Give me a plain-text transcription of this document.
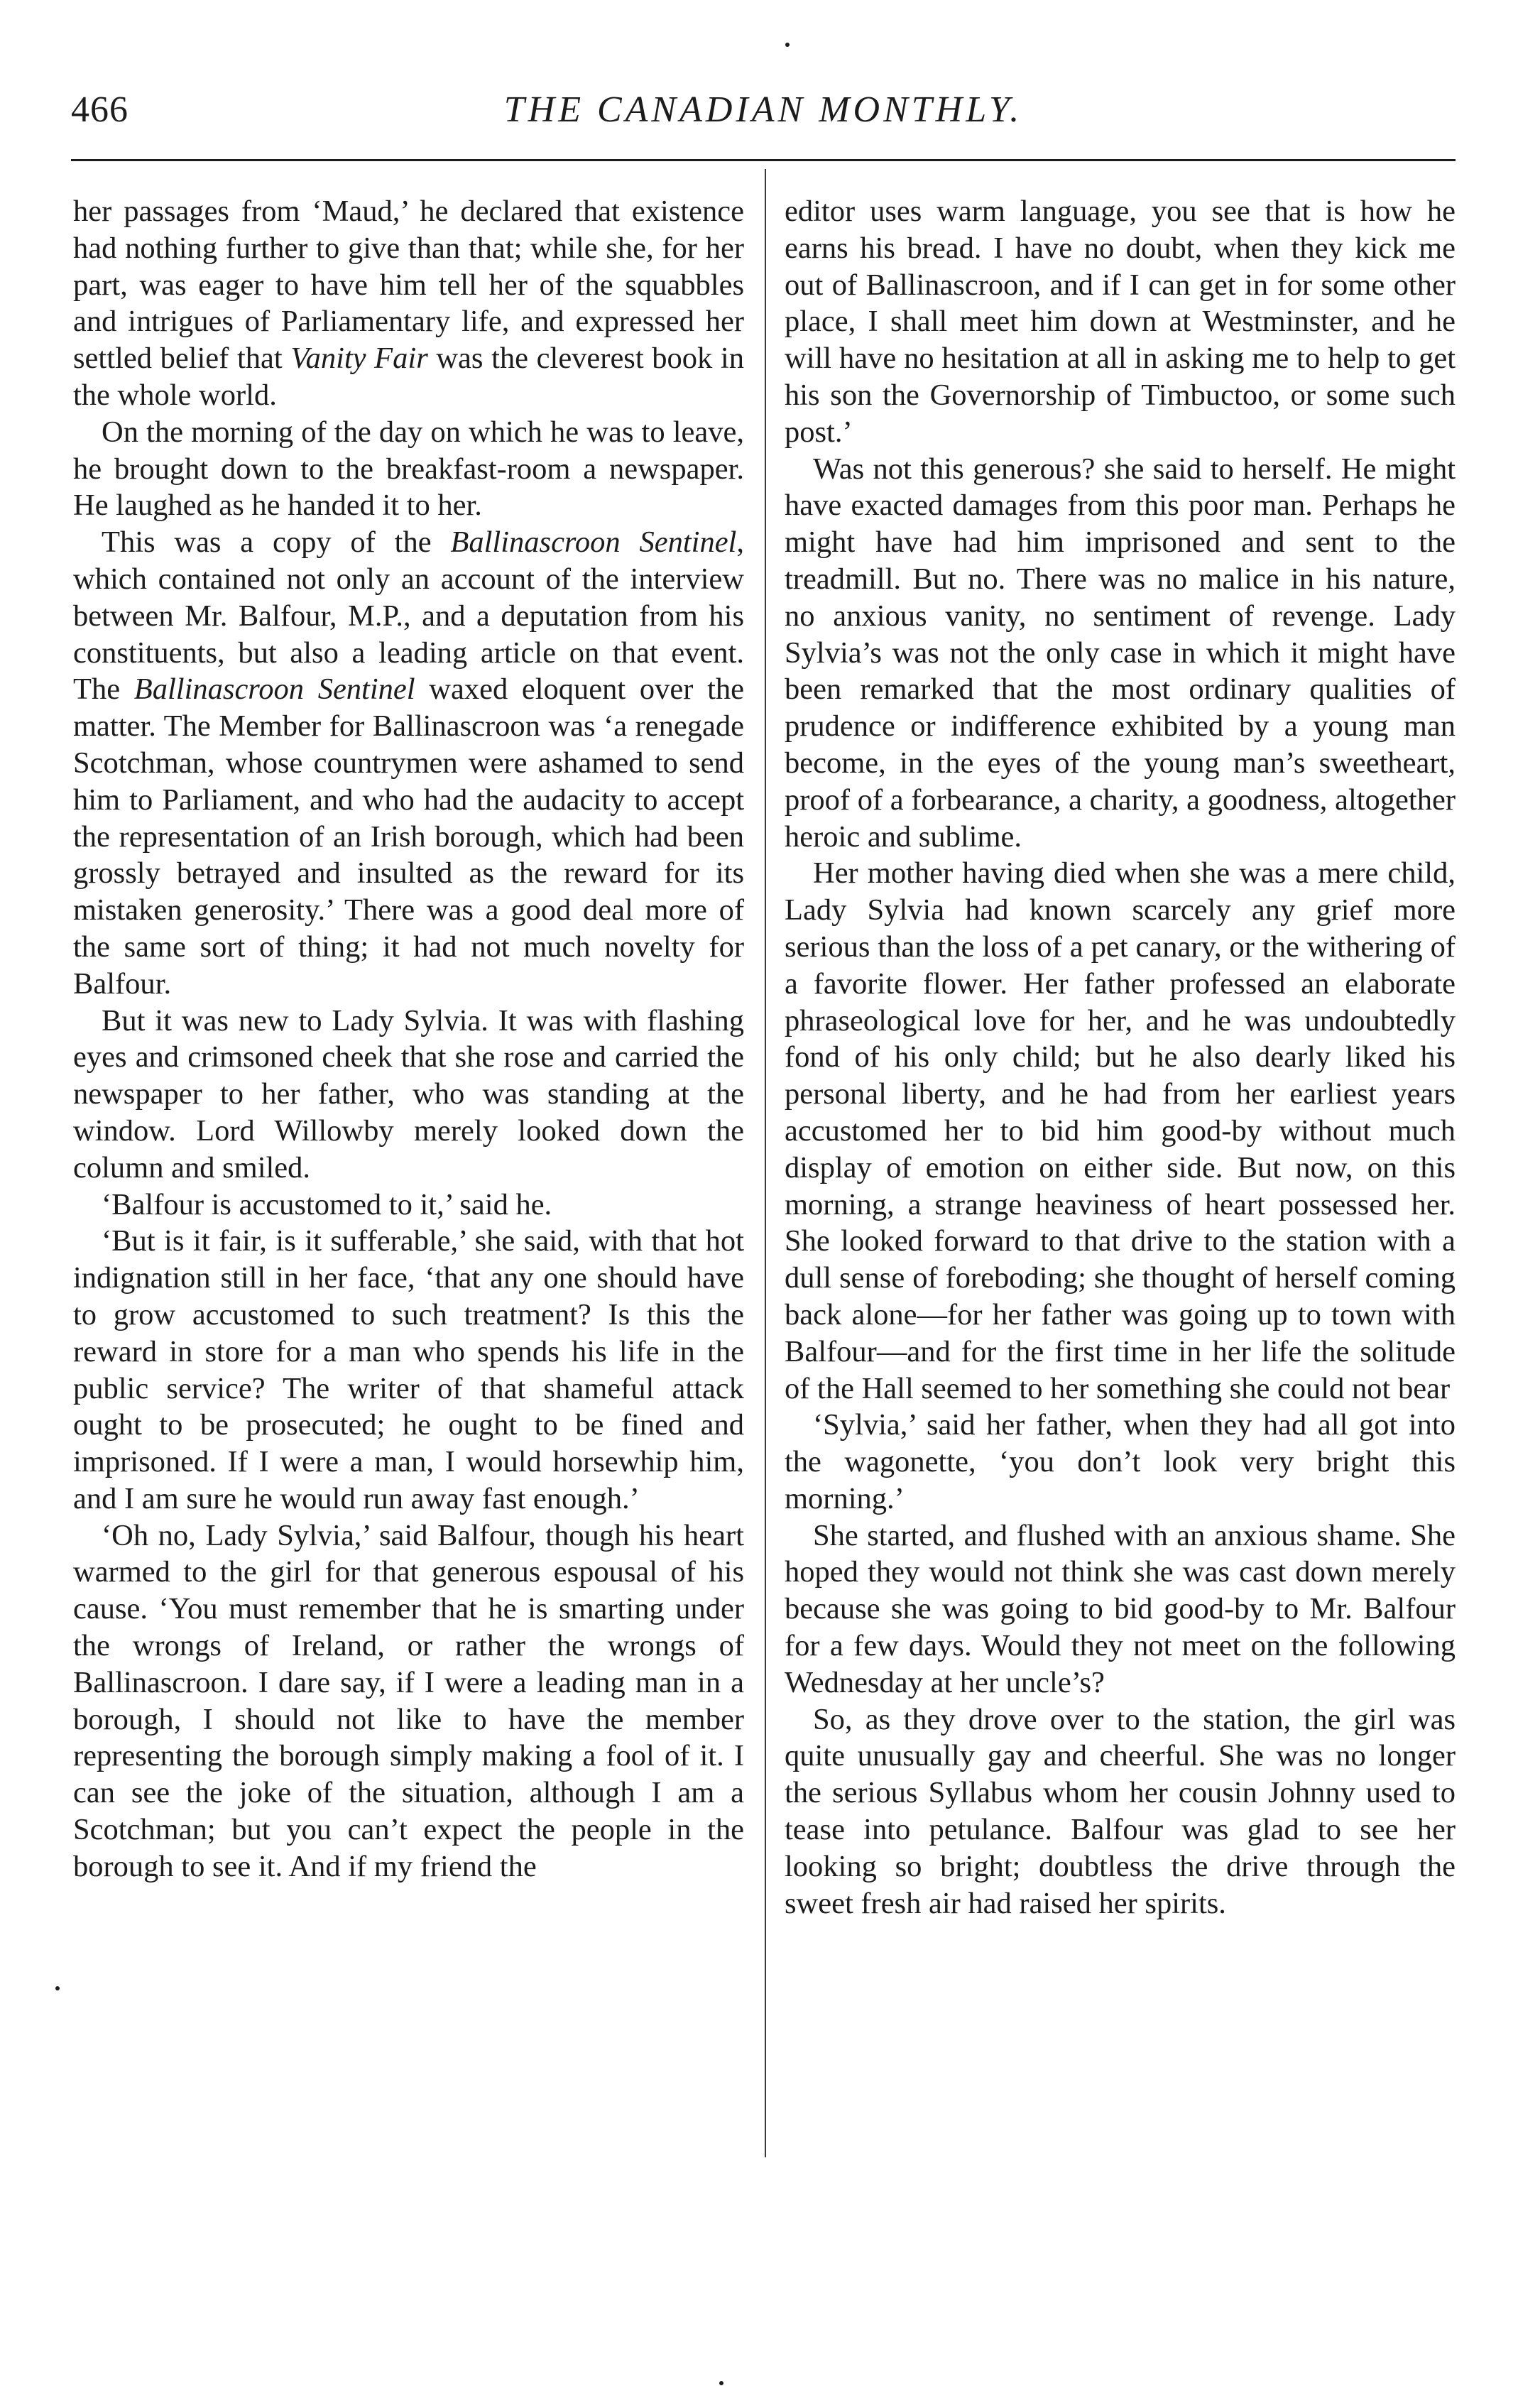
466	THE CANADIAN MONTHLY.

her passages from ‘Maud,’ he declared that existence had nothing further to give than that; while she, for her part, was eager to have him tell her of the squabbles and intrigues of Parliamentary life, and expressed her settled belief that Vanity Fair was the cleverest book in the whole world.

On the morning of the day on which he was to leave, he brought down to the breakfast-room a newspaper. He laughed as he handed it to her.

This was a copy of the Ballinascroon Sentinel, which contained not only an account of the interview between Mr. Balfour, M.P., and a deputation from his constituents, but also a leading article on that event. The Ballinascroon Sentinel waxed eloquent over the matter. The Member for Ballinascroon was ‘a renegade Scotchman, whose countrymen were ashamed to send him to Parliament, and who had the audacity to accept the representation of an Irish borough, which had been grossly betrayed and insulted as the reward for its mistaken generosity.’ There was a good deal more of the same sort of thing; it had not much novelty for Balfour.

But it was new to Lady Sylvia. It was with flashing eyes and crimsoned cheek that she rose and carried the newspaper to her father, who was standing at the window. Lord Willowby merely looked down the column and smiled.

‘Balfour is accustomed to it,’ said he.

‘But is it fair, is it sufferable,’ she said, with that hot indignation still in her face, ‘that any one should have to grow accustomed to such treatment? Is this the reward in store for a man who spends his life in the public service? The writer of that shameful attack ought to be prosecuted; he ought to be fined and imprisoned. If I were a man, I would horsewhip him, and I am sure he would run away fast enough.’

‘Oh no, Lady Sylvia,’ said Balfour, though his heart warmed to the girl for that generous espousal of his cause. ‘You must remember that he is smarting under the wrongs of Ireland, or rather the wrongs of Ballinascroon. I dare say, if I were a leading man in a borough, I should not like to have the member representing the borough simply making a fool of it. I can see the joke of the situation, although I am a Scotchman; but you can’t expect the people in the borough to see it. And if my friend the

editor uses warm language, you see that is how he earns his bread. I have no doubt, when they kick me out of Ballinascroon, and if I can get in for some other place, I shall meet him down at Westminster, and he will have no hesitation at all in asking me to help to get his son the Governorship of Timbuctoo, or some such post.’

Was not this generous? she said to herself. He might have exacted damages from this poor man. Perhaps he might have had him imprisoned and sent to the treadmill. But no. There was no malice in his nature, no anxious vanity, no sentiment of revenge. Lady Sylvia’s was not the only case in which it might have been remarked that the most ordinary qualities of prudence or indifference exhibited by a young man become, in the eyes of the young man’s sweetheart, proof of a forbearance, a charity, a goodness, altogether heroic and sublime.

Her mother having died when she was a mere child, Lady Sylvia had known scarcely any grief more serious than the loss of a pet canary, or the withering of a favorite flower. Her father professed an elaborate phraseological love for her, and he was undoubtedly fond of his only child; but he also dearly liked his personal liberty, and he had from her earliest years accustomed her to bid him good-by without much display of emotion on either side. But now, on this morning, a strange heaviness of heart possessed her. She looked forward to that drive to the station with a dull sense of foreboding; she thought of herself coming back alone—for her father was going up to town with Balfour—and for the first time in her life the solitude of the Hall seemed to her something she could not bear

‘Sylvia,’ said her father, when they had all got into the wagonette, ‘you don’t look very bright this morning.’

She started, and flushed with an anxious shame. She hoped they would not think she was cast down merely because she was going to bid good-by to Mr. Balfour for a few days. Would they not meet on the following Wednesday at her uncle’s?

So, as they drove over to the station, the girl was quite unusually gay and cheerful. She was no longer the serious Syllabus whom her cousin Johnny used to tease into petulance. Balfour was glad to see her looking so bright; doubtless the drive through the sweet fresh air had raised her spirits.
